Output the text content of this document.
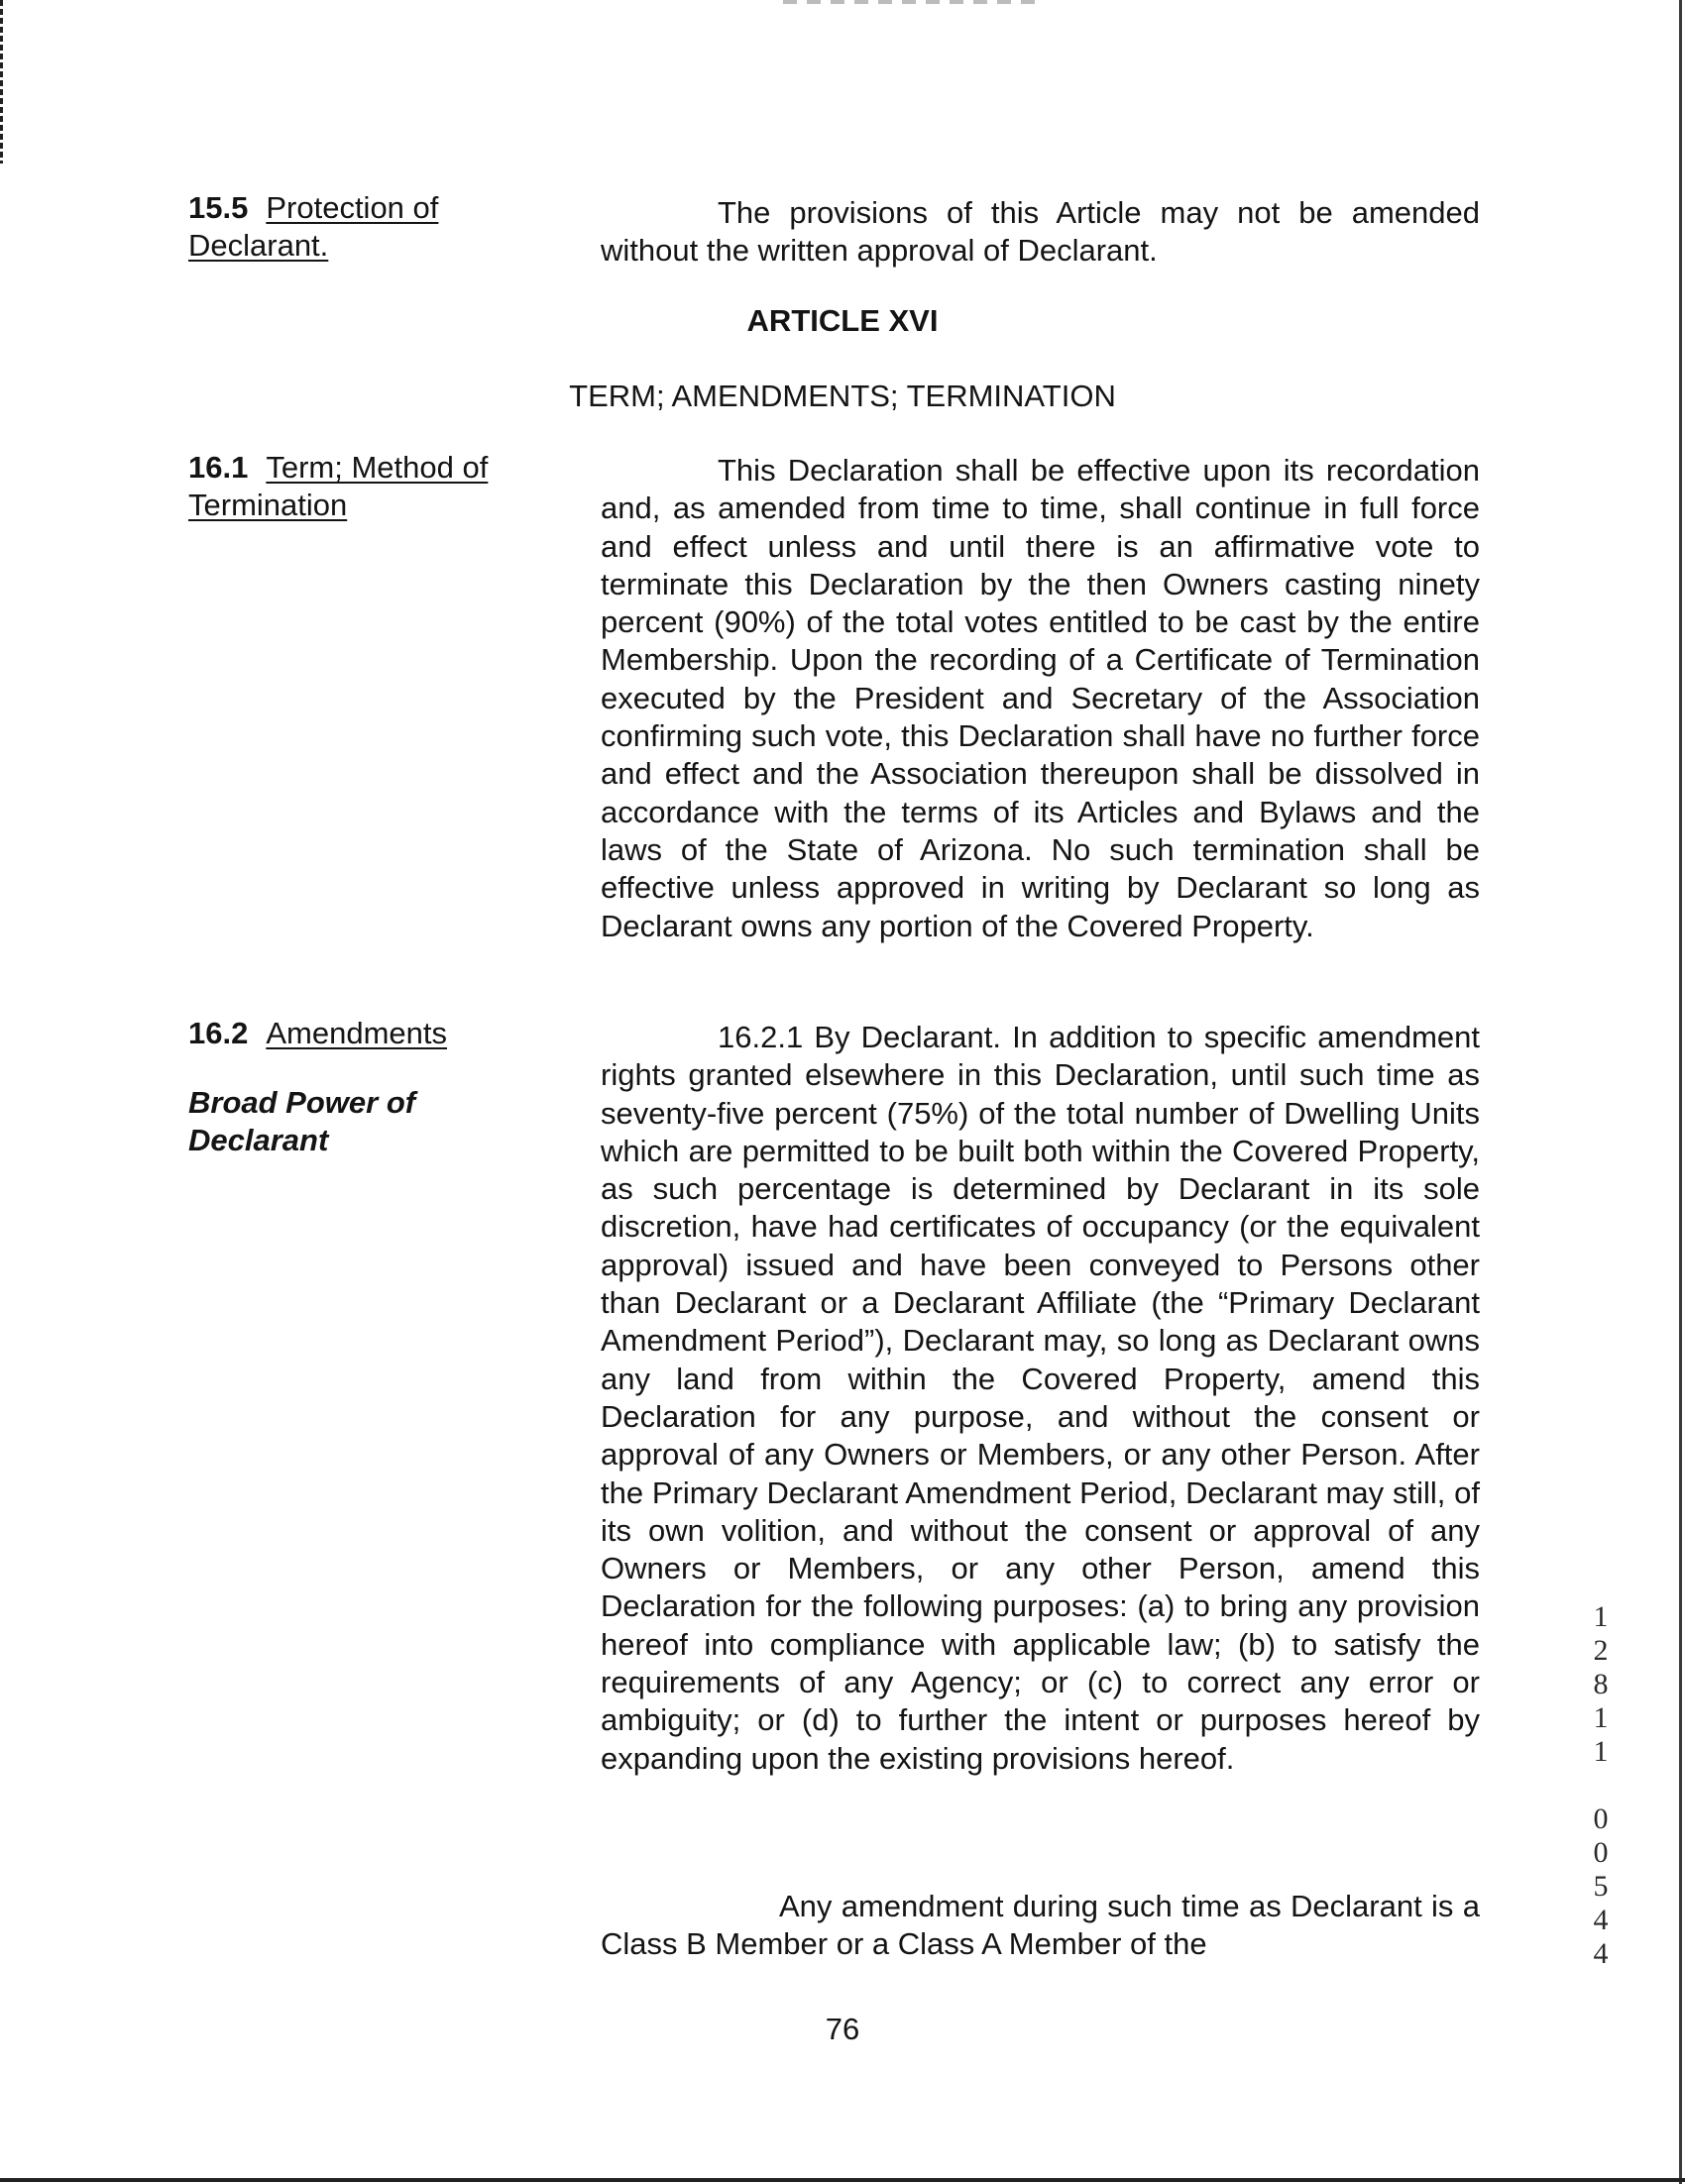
15.5 Protection of
Declarant.
The provisions of this Article may not be amended without the written approval of Declarant.
ARTICLE XVI
TERM; AMENDMENTS; TERMINATION
16.1 Term; Method of
Termination
This Declaration shall be effective upon its recordation and, as amended from time to time, shall continue in full force and effect unless and until there is an affirmative vote to terminate this Declaration by the then Owners casting ninety percent (90%) of the total votes entitled to be cast by the entire Membership. Upon the recording of a Certificate of Termination executed by the President and Secretary of the Association confirming such vote, this Declaration shall have no further force and effect and the Association thereupon shall be dissolved in accordance with the terms of its Articles and Bylaws and the laws of the State of Arizona. No such termination shall be effective unless approved in writing by Declarant so long as Declarant owns any portion of the Covered Property.
16.2 Amendments
Broad Power of
Declarant
16.2.1 By Declarant. In addition to specific amendment rights granted elsewhere in this Declaration, until such time as seventy-five percent (75%) of the total number of Dwelling Units which are permitted to be built both within the Covered Property, as such percentage is determined by Declarant in its sole discretion, have had certificates of occupancy (or the equivalent approval) issued and have been conveyed to Persons other than Declarant or a Declarant Affiliate (the “Primary Declarant Amendment Period”), Declarant may, so long as Declarant owns any land from within the Covered Property, amend this Declaration for any purpose, and without the consent or approval of any Owners or Members, or any other Person. After the Primary Declarant Amendment Period, Declarant may still, of its own volition, and without the consent or approval of any Owners or Members, or any other Person, amend this Declaration for the following purposes: (a) to bring any provision hereof into compliance with applicable law; (b) to satisfy the requirements of any Agency; or (c) to correct any error or ambiguity; or (d) to further the intent or purposes hereof by expanding upon the existing provisions hereof.
Any amendment during such time as Declarant is a Class B Member or a Class A Member of the
76
1
2
8
1
1

0
0
5
4
4
